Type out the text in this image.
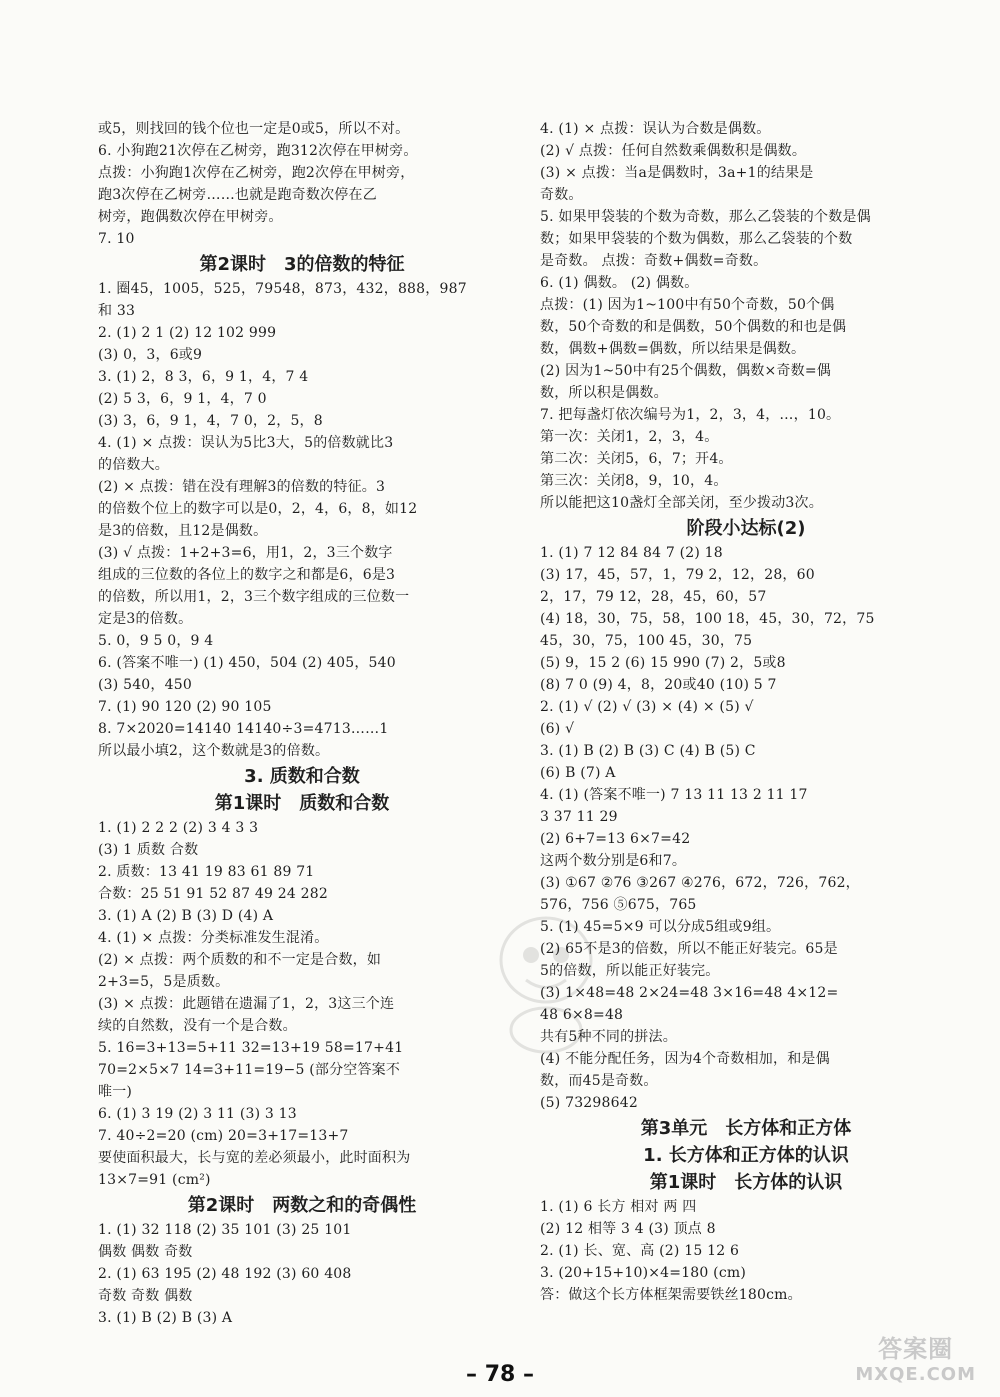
或5，则找回的钱个位也一定是0或5，所以不对。
6. 小狗跑21次停在乙树旁，跑312次停在甲树旁。
点拨：小狗跑1次停在乙树旁，跑2次停在甲树旁，
跑3次停在乙树旁……也就是跑奇数次停在乙
树旁，跑偶数次停在甲树旁。
7. 10
第2课时　3的倍数的特征
1. 圈45，1005，525，79548，873，432，888，987
和 33
2. (1) 2 1 (2) 12 102 999
(3) 0，3，6或9
3. (1) 2，8 3，6，9 1，4，7 4
(2) 5 3，6，9 1，4，7 0
(3) 3，6，9 1，4，7 0，2，5，8
4. (1) × 点拨：误认为5比3大，5的倍数就比3
的倍数大。
(2) × 点拨：错在没有理解3的倍数的特征。3
的倍数个位上的数字可以是0，2，4，6，8，如12
是3的倍数，且12是偶数。
(3) √ 点拨：1+2+3=6，用1，2，3三个数字
组成的三位数的各位上的数字之和都是6，6是3
的倍数，所以用1，2，3三个数字组成的三位数一
定是3的倍数。
5. 0，9 5 0，9 4
6. (答案不唯一) (1) 450，504 (2) 405，540
(3) 540，450
7. (1) 90 120 (2) 90 105
8. 7×2020=14140 14140÷3=4713……1
所以最小填2，这个数就是3的倍数。
3. 质数和合数
第1课时　质数和合数
1. (1) 2 2 2 (2) 3 4 3 3
(3) 1 质数 合数
2. 质数：13 41 19 83 61 89 71
合数：25 51 91 52 87 49 24 282
3. (1) A (2) B (3) D (4) A
4. (1) × 点拨：分类标准发生混淆。
(2) × 点拨：两个质数的和不一定是合数，如
2+3=5，5是质数。
(3) × 点拨：此题错在遗漏了1，2，3这三个连
续的自然数，没有一个是合数。
5. 16=3+13=5+11 32=13+19 58=17+41
70=2×5×7 14=3+11=19−5 (部分空答案不
唯一)
6. (1) 3 19 (2) 3 11 (3) 3 13
7. 40÷2=20 (cm) 20=3+17=13+7
要使面积最大，长与宽的差必须最小，此时面积为
13×7=91 (cm²)
第2课时　两数之和的奇偶性
1. (1) 32 118 (2) 35 101 (3) 25 101
偶数 偶数 奇数
2. (1) 63 195 (2) 48 192 (3) 60 408
奇数 奇数 偶数
3. (1) B (2) B (3) A
4. (1) × 点拨：误认为合数是偶数。
(2) √ 点拨：任何自然数乘偶数积是偶数。
(3) × 点拨：当a是偶数时，3a+1的结果是
奇数。
5. 如果甲袋装的个数为奇数，那么乙袋装的个数是偶
数；如果甲袋装的个数为偶数，那么乙袋装的个数
是奇数。 点拨：奇数+偶数=奇数。
6. (1) 偶数。 (2) 偶数。
点拨：(1) 因为1~100中有50个奇数，50个偶
数，50个奇数的和是偶数，50个偶数的和也是偶
数，偶数+偶数=偶数，所以结果是偶数。
(2) 因为1~50中有25个偶数，偶数×奇数=偶
数，所以积是偶数。
7. 把每盏灯依次编号为1，2，3，4，…，10。
第一次：关闭1，2，3，4。
第二次：关闭5，6，7；开4。
第三次：关闭8，9，10，4。
所以能把这10盏灯全部关闭，至少拨动3次。
阶段小达标(2)
1. (1) 7 12 84 84 7 (2) 18
(3) 17，45，57，1，79 2，12，28，60
2，17，79 12，28，45，60，57
(4) 18，30，75，58，100 18，45，30，72，75
45，30，75，100 45，30，75
(5) 9，15 2 (6) 15 990 (7) 2，5或8
(8) 7 0 (9) 4，8，20或40 (10) 5 7
2. (1) √ (2) √ (3) × (4) × (5) √
(6) √
3. (1) B (2) B (3) C (4) B (5) C
(6) B (7) A
4. (1) (答案不唯一) 7 13 11 13 2 11 17
3 37 11 29
(2) 6+7=13 6×7=42
这两个数分别是6和7。
(3) ①67 ②76 ③267 ④276，672，726，762，
576，756 ⑤675，765
5. (1) 45=5×9 可以分成5组或9组。
(2) 65不是3的倍数，所以不能正好装完。65是
5的倍数，所以能正好装完。
(3) 1×48=48 2×24=48 3×16=48 4×12=
48 6×8=48
共有5种不同的拼法。
(4) 不能分配任务，因为4个奇数相加，和是偶
数，而45是奇数。
(5) 73298642
第3单元　长方体和正方体
1. 长方体和正方体的认识
第1课时　长方体的认识
1. (1) 6 长方 相对 两 四
(2) 12 相等 3 4 (3) 顶点 8
2. (1) 长、宽、高 (2) 15 12 6
3. (20+15+10)×4=180 (cm)
答：做这个长方体框架需要铁丝180cm。
– 78 –
答案圈
MXQE.COM
